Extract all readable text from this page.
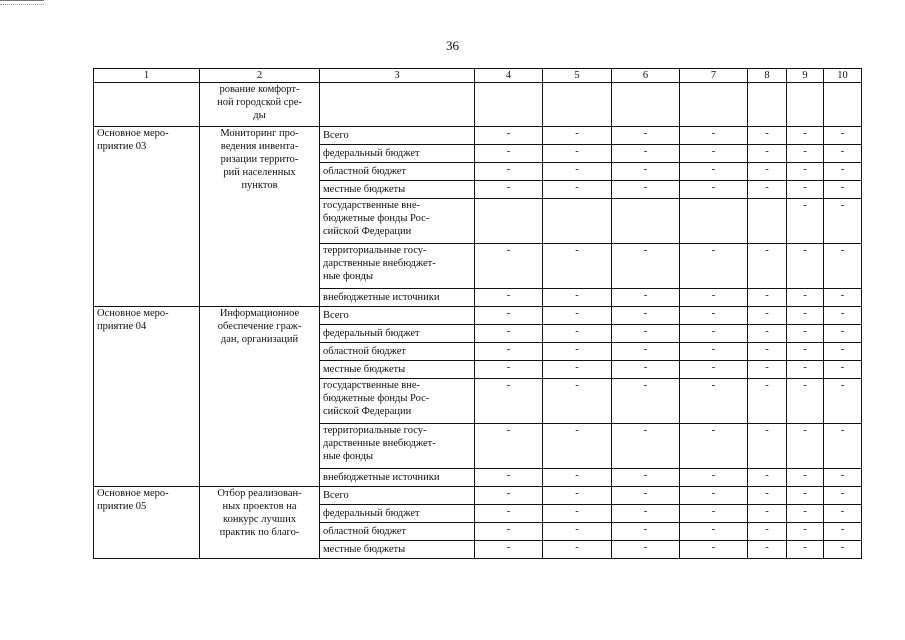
36
1	2	3	4	5	6	7	8	9	10
	рование комфорт-
ной городской сре-
ды								
Основное меро-
приятие 03	Мониторинг про-
ведения инвента-
ризации террито-
рий населенных
пунктов	Всего	-	-	-	-	-	-	-
		федеральный бюджет	-	-	-	-	-	-	-
		областной бюджет	-	-	-	-	-	-	-
		местные бюджеты	-	-	-	-	-	-	-
		государственные вне-
бюджетные фонды Рос-
сийской Федерации						-	-
		территориальные госу-
дарственные внебюджет-
ные фонды	-	-	-	-	-	-	-
		внебюджетные источники	-	-	-	-	-	-	-
Основное меро-
приятие 04	Информационное
обеспечение граж-
дан, организаций	Всего	-	-	-	-	-	-	-
		федеральный бюджет	-	-	-	-	-	-	-
		областной бюджет	-	-	-	-	-	-	-
		местные бюджеты	-	-	-	-	-	-	-
		государственные вне-
бюджетные фонды Рос-
сийской Федерации	-	-	-	-	-	-	-
		территориальные госу-
дарственные внебюджет-
ные фонды	-	-	-	-	-	-	-
		внебюджетные источники	-	-	-	-	-	-	-
Основное меро-
приятие 05	Отбор реализован-
ных проектов на
конкурс лучших
практик по благо-	Всего	-	-	-	-	-	-	-
		федеральный бюджет	-	-	-	-	-	-	-
		областной бюджет	-	-	-	-	-	-	-
		местные бюджеты	-	-	-	-	-	-	-
